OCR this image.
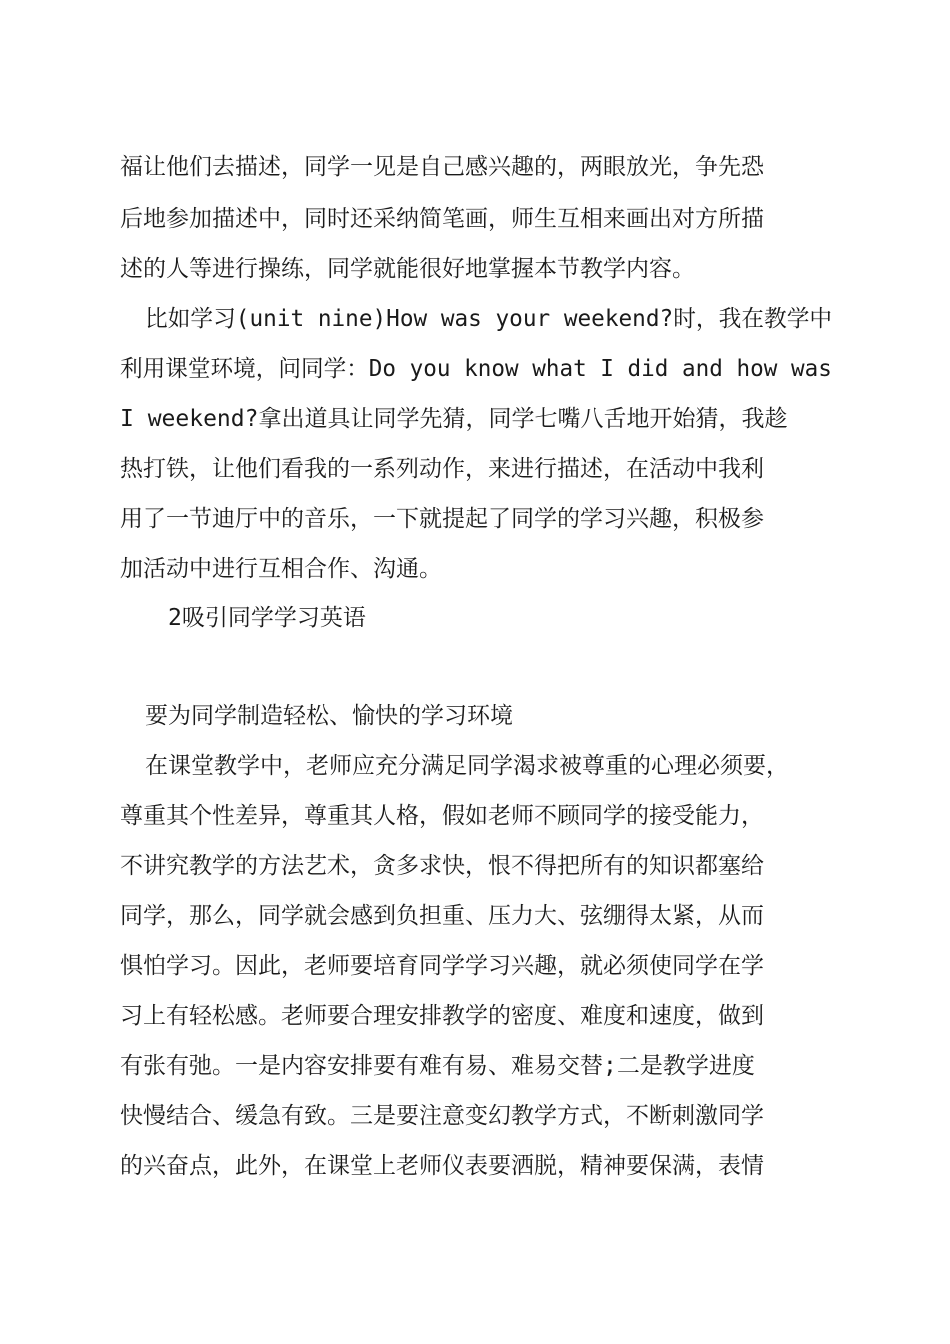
福让他们去描述，同学一见是自己感兴趣的，两眼放光，争先恐
后地参加描述中，同时还采纳简笔画，师生互相来画出对方所描
述的人等进行操练，同学就能很好地掌握本节教学内容。
比如学习(unit nine)How was your weekend?时，我在教学中
利用课堂环境，问同学：Do you know what I did and how was
I weekend?拿出道具让同学先猜，同学七嘴八舌地开始猜，我趁
热打铁，让他们看我的一系列动作，来进行描述，在活动中我利
用了一节迪厅中的音乐，一下就提起了同学的学习兴趣，积极参
加活动中进行互相合作、沟通。
2吸引同学学习英语
要为同学制造轻松、愉快的学习环境
在课堂教学中，老师应充分满足同学渴求被尊重的心理必须要，
尊重其个性差异，尊重其人格，假如老师不顾同学的接受能力，
不讲究教学的方法艺术，贪多求快，恨不得把所有的知识都塞给
同学，那么，同学就会感到负担重、压力大、弦绷得太紧，从而
惧怕学习。因此，老师要培育同学学习兴趣，就必须使同学在学
习上有轻松感。老师要合理安排教学的密度、难度和速度，做到
有张有弛。一是内容安排要有难有易、难易交替;二是教学进度
快慢结合、缓急有致。三是要注意变幻教学方式，不断刺激同学
的兴奋点，此外，在课堂上老师仪表要洒脱，精神要保满，表情
